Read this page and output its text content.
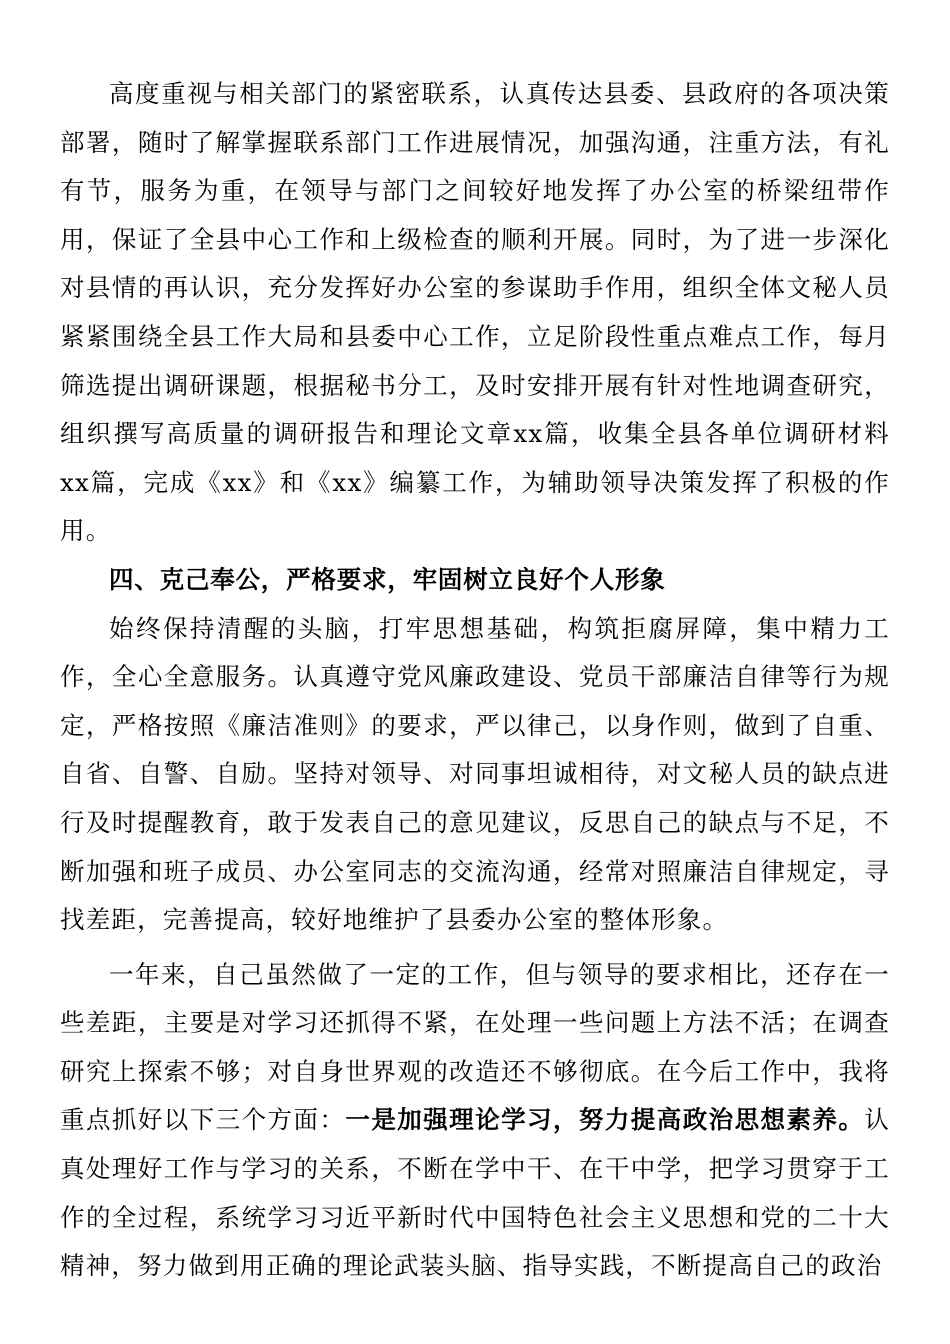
高度重视与相关部门的紧密联系，认真传达县委、县政府的各项决策部署，随时了解掌握联系部门工作进展情况，加强沟通，注重方法，有礼有节，服务为重，在领导与部门之间较好地发挥了办公室的桥梁纽带作用，保证了全县中心工作和上级检查的顺利开展。同时，为了进一步深化对县情的再认识，充分发挥好办公室的参谋助手作用，组织全体文秘人员紧紧围绕全县工作大局和县委中心工作，立足阶段性重点难点工作，每月筛选提出调研课题，根据秘书分工，及时安排开展有针对性地调查研究，组织撰写高质量的调研报告和理论文章xx篇，收集全县各单位调研材料xx篇，完成《xx》和《xx》编纂工作，为辅助领导决策发挥了积极的作用。

四、克己奉公，严格要求，牢固树立良好个人形象

始终保持清醒的头脑，打牢思想基础，构筑拒腐屏障，集中精力工作，全心全意服务。认真遵守党风廉政建设、党员干部廉洁自律等行为规定，严格按照《廉洁准则》的要求，严以律己，以身作则，做到了自重、自省、自警、自励。坚持对领导、对同事坦诚相待，对文秘人员的缺点进行及时提醒教育，敢于发表自己的意见建议，反思自己的缺点与不足，不断加强和班子成员、办公室同志的交流沟通，经常对照廉洁自律规定，寻找差距，完善提高，较好地维护了县委办公室的整体形象。

一年来，自己虽然做了一定的工作，但与领导的要求相比，还存在一些差距，主要是对学习还抓得不紧，在处理一些问题上方法不活；在调查研究上探索不够；对自身世界观的改造还不够彻底。在今后工作中，我将重点抓好以下三个方面：一是加强理论学习，努力提高政治思想素养。认真处理好工作与学习的关系，不断在学中干、在干中学，把学习贯穿于工作的全过程，系统学习习近平新时代中国特色社会主义思想和党的二十大精神，努力做到用正确的理论武装头脑、指导实践，不断提高自己的政治
